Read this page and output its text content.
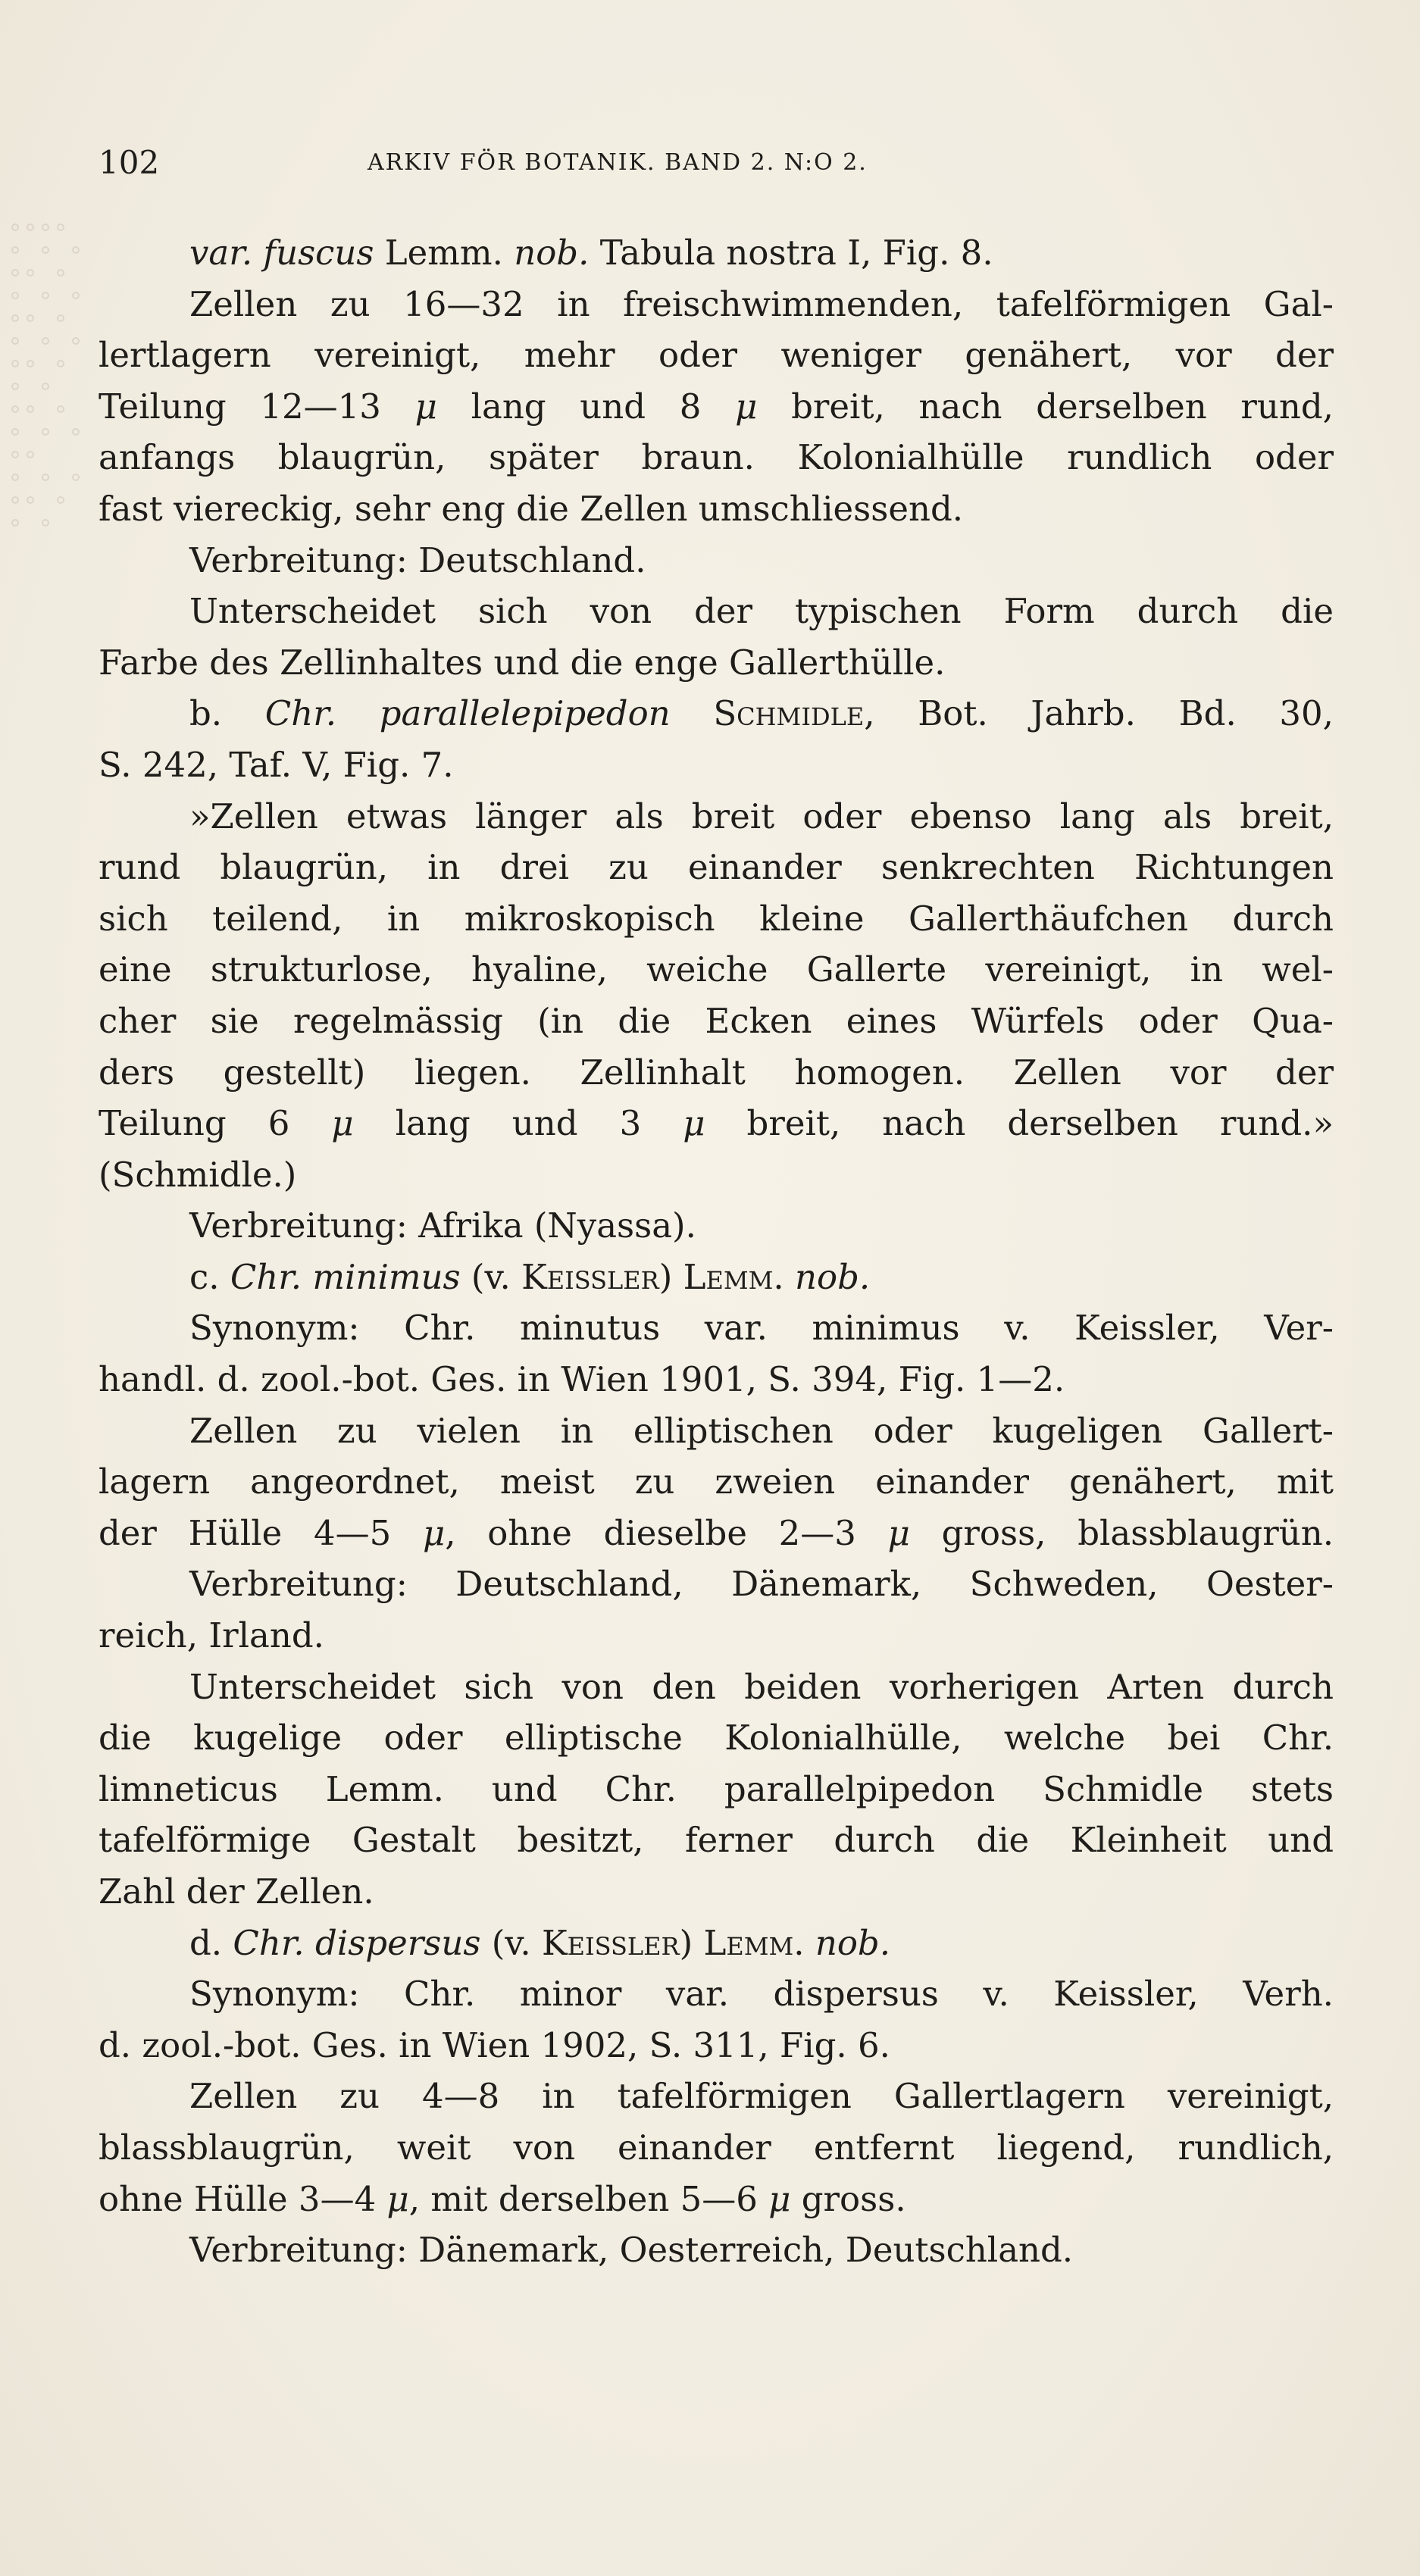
102	ARKIV FÖR BOTANIK. BAND 2. N:O 2.
var. fuscus Lemm. nob. Tabula nostra I, Fig. 8.
Zellen zu 16—32 in freischwimmenden, tafelförmigen Gal-
lertlagern vereinigt, mehr oder weniger genähert, vor der
Teilung 12—13 μ lang und 8 μ breit, nach derselben rund,
anfangs blaugrün, später braun. Kolonialhülle rundlich oder
fast viereckig, sehr eng die Zellen umschliessend.
Verbreitung: Deutschland.
Unterscheidet sich von der typischen Form durch die
Farbe des Zellinhaltes und die enge Gallerthülle.
b. Chr. parallelepipedon Schmidle, Bot. Jahrb. Bd. 30,
S. 242, Taf. V, Fig. 7.
»Zellen etwas länger als breit oder ebenso lang als breit,
rund blaugrün, in drei zu einander senkrechten Richtungen
sich teilend, in mikroskopisch kleine Gallerthäufchen durch
eine strukturlose, hyaline, weiche Gallerte vereinigt, in wel-
cher sie regelmässig (in die Ecken eines Würfels oder Qua-
ders gestellt) liegen. Zellinhalt homogen. Zellen vor der
Teilung 6 μ lang und 3 μ breit, nach derselben rund.»
(Schmidle.)
Verbreitung: Afrika (Nyassa).
c. Chr. minimus (v. Keissler) Lemm. nob.
Synonym: Chr. minutus var. minimus v. Keissler, Ver-
handl. d. zool.-bot. Ges. in Wien 1901, S. 394, Fig. 1—2.
Zellen zu vielen in elliptischen oder kugeligen Gallert-
lagern angeordnet, meist zu zweien einander genähert, mit
der Hülle 4—5 μ, ohne dieselbe 2—3 μ gross, blassblaugrün.
Verbreitung: Deutschland, Dänemark, Schweden, Oester-
reich, Irland.
Unterscheidet sich von den beiden vorherigen Arten durch
die kugelige oder elliptische Kolonialhülle, welche bei Chr.
limneticus Lemm. und Chr. parallelpipedon Schmidle stets
tafelförmige Gestalt besitzt, ferner durch die Kleinheit und
Zahl der Zellen.
d. Chr. dispersus (v. Keissler) Lemm. nob.
Synonym: Chr. minor var. dispersus v. Keissler, Verh.
d. zool.-bot. Ges. in Wien 1902, S. 311, Fig. 6.
Zellen zu 4—8 in tafelförmigen Gallertlagern vereinigt,
blassblaugrün, weit von einander entfernt liegend, rundlich,
ohne Hülle 3—4 μ, mit derselben 5—6 μ gross.
Verbreitung: Dänemark, Oesterreich, Deutschland.
